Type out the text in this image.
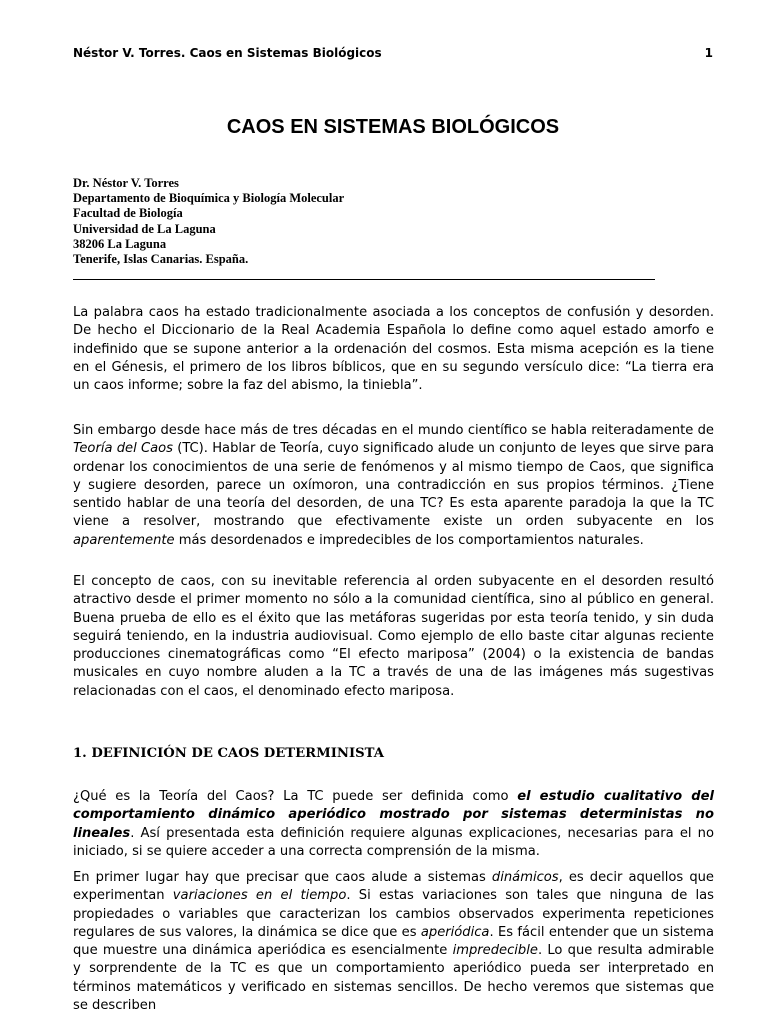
Néstor V. Torres. Caos en Sistemas Biológicos	1
CAOS EN SISTEMAS BIOLÓGICOS
Dr. Néstor V. Torres
Departamento de Bioquímica y Biología Molecular
Facultad de Biología
Universidad de La Laguna
38206 La Laguna
Tenerife, Islas Canarias. España.

La palabra caos ha estado tradicionalmente asociada a los conceptos de confusión y desorden. De hecho el Diccionario de la Real Academia Española lo define como aquel estado amorfo e indefinido que se supone anterior a la ordenación del cosmos. Esta misma acepción es la tiene en el Génesis, el primero de los libros bíblicos, que en su segundo versículo dice: “La tierra era un caos informe; sobre la faz del abismo, la tiniebla”.

Sin embargo desde hace más de tres décadas en el mundo científico se habla reiteradamente de Teoría del Caos (TC). Hablar de Teoría, cuyo significado alude un conjunto de leyes que sirve para ordenar los conocimientos de una serie de fenómenos y al mismo tiempo de Caos, que significa y sugiere desorden, parece un oxímoron, una contradicción en sus propios términos. ¿Tiene sentido hablar de una teoría del desorden, de una TC? Es esta aparente paradoja la que la TC viene a resolver, mostrando que efectivamente existe un orden subyacente en los aparentemente más desordenados e impredecibles de los comportamientos naturales.

El concepto de caos, con su inevitable referencia al orden subyacente en el desorden resultó atractivo desde el primer momento no sólo a la comunidad científica, sino al público en general. Buena prueba de ello es el éxito que las metáforas sugeridas por esta teoría tenido, y sin duda seguirá teniendo, en la industria audiovisual. Como ejemplo de ello baste citar algunas reciente producciones cinematográficas como “El efecto mariposa” (2004) o la existencia de bandas musicales en cuyo nombre aluden a la TC a través de una de las imágenes más sugestivas relacionadas con el caos, el denominado efecto mariposa.

1. DEFINICIÓN DE CAOS DETERMINISTA

¿Qué es la Teoría del Caos? La TC puede ser definida como el estudio cualitativo del comportamiento dinámico aperiódico mostrado por sistemas deterministas no lineales. Así presentada esta definición requiere algunas explicaciones, necesarias para el no iniciado, si se quiere acceder a una correcta comprensión de la misma.

En primer lugar hay que precisar que caos alude a sistemas dinámicos, es decir aquellos que experimentan variaciones en el tiempo. Si estas variaciones son tales que ninguna de las propiedades o variables que caracterizan los cambios observados experimenta repeticiones regulares de sus valores, la dinámica se dice que es aperiódica. Es fácil entender que un sistema que muestre una dinámica aperiódica es esencialmente impredecible. Lo que resulta admirable y sorprendente de la TC es que un comportamiento aperiódico pueda ser interpretado en términos matemáticos y verificado en sistemas sencillos. De hecho veremos que sistemas que se describen
